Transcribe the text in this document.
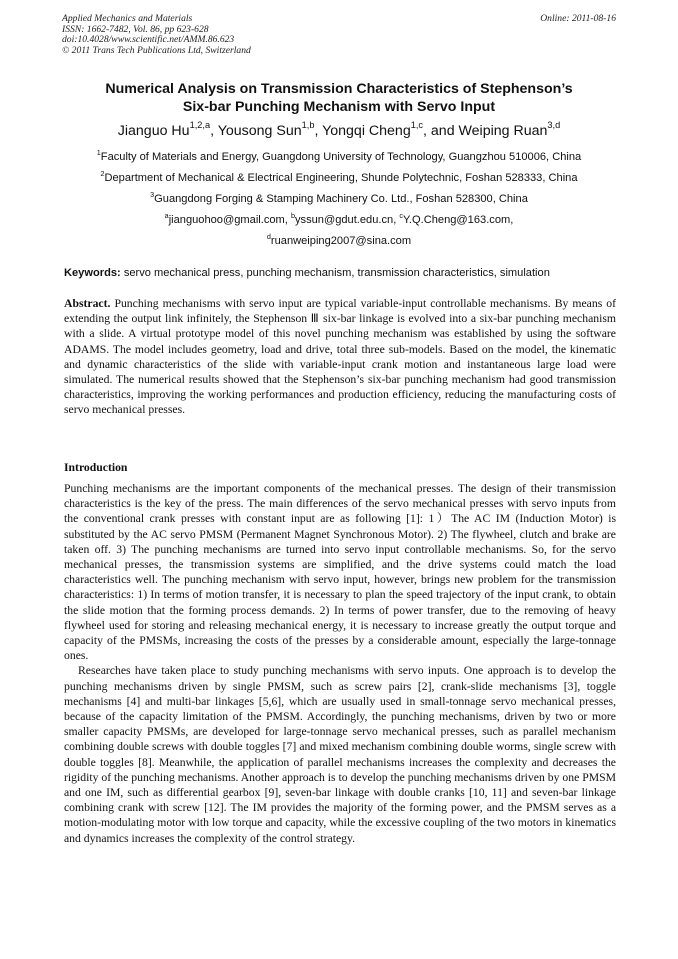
Applied Mechanics and Materials
ISSN: 1662-7482, Vol. 86, pp 623-628
doi:10.4028/www.scientific.net/AMM.86.623
© 2011 Trans Tech Publications Ltd, Switzerland
Online: 2011-08-16
Numerical Analysis on Transmission Characteristics of Stephenson’s
Six-bar Punching Mechanism with Servo Input
Jianguo Hu$^{1,2,a}$, Yousong Sun$^{1,b}$, Yongqi Cheng$^{1,c}$, and Weiping Ruan$^{3,d}$
$^1$Faculty of Materials and Energy, Guangdong University of Technology, Guangzhou 510006, China
$^2$Department of Mechanical & Electrical Engineering, Shunde Polytechnic, Foshan 528333, China
$^3$Guangdong Forging & Stamping Machinery Co. Ltd., Foshan 528300, China
$^a$jianguohoo@gmail.com, $^b$yssun@gdut.edu.cn, $^c$Y.Q.Cheng@163.com,
$^d$ruanweiping2007@sina.com
Keywords: servo mechanical press, punching mechanism, transmission characteristics, simulation
Abstract. Punching mechanisms with servo input are typical variable-input controllable mechanisms. By means of extending the output link infinitely, the Stephenson Ⅲ six-bar linkage is evolved into a six-bar punching mechanism with a slide. A virtual prototype model of this novel punching mechanism was established by using the software ADAMS. The model includes geometry, load and drive, total three sub-models. Based on the model, the kinematic and dynamic characteristics of the slide with variable-input crank motion and instantaneous large load were simulated. The numerical results showed that the Stephenson’s six-bar punching mechanism had good transmission characteristics, improving the working performances and production efficiency, reducing the manufacturing costs of servo mechanical presses.
Introduction
Punching mechanisms are the important components of the mechanical presses. The design of their transmission characteristics is the key of the press. The main differences of the servo mechanical presses with servo inputs from the conventional crank presses with constant input are as following [1]: 1）The AC IM (Induction Motor) is substituted by the AC servo PMSM (Permanent Magnet Synchronous Motor). 2) The flywheel, clutch and brake are taken off. 3) The punching mechanisms are turned into servo input controllable mechanisms. So, for the servo mechanical presses, the transmission systems are simplified, and the drive systems could match the load characteristics well. The punching mechanism with servo input, however, brings new problem for the transmission characteristics: 1) In terms of motion transfer, it is necessary to plan the speed trajectory of the input crank, to obtain the slide motion that the forming process demands. 2) In terms of power transfer, due to the removing of heavy flywheel used for storing and releasing mechanical energy, it is necessary to increase greatly the output torque and capacity of the PMSMs, increasing the costs of the presses by a considerable amount, especially the large-tonnage ones.
Researches have taken place to study punching mechanisms with servo inputs. One approach is to develop the punching mechanisms driven by single PMSM, such as screw pairs [2], crank-slide mechanisms [3], toggle mechanisms [4] and multi-bar linkages [5,6], which are usually used in small-tonnage servo mechanical presses, because of the capacity limitation of the PMSM. Accordingly, the punching mechanisms, driven by two or more smaller capacity PMSMs, are developed for large-tonnage servo mechanical presses, such as parallel mechanism combining double screws with double toggles [7] and mixed mechanism combining double worms, single screw with double toggles [8]. Meanwhile, the application of parallel mechanisms increases the complexity and decreases the rigidity of the punching mechanisms. Another approach is to develop the punching mechanisms driven by one PMSM and one IM, such as differential gearbox [9], seven-bar linkage with double cranks [10, 11] and seven-bar linkage combining crank with screw [12]. The IM provides the majority of the forming power, and the PMSM serves as a motion-modulating motor with low torque and capacity, while the excessive coupling of the two motors in kinematics and dynamics increases the complexity of the control strategy.
